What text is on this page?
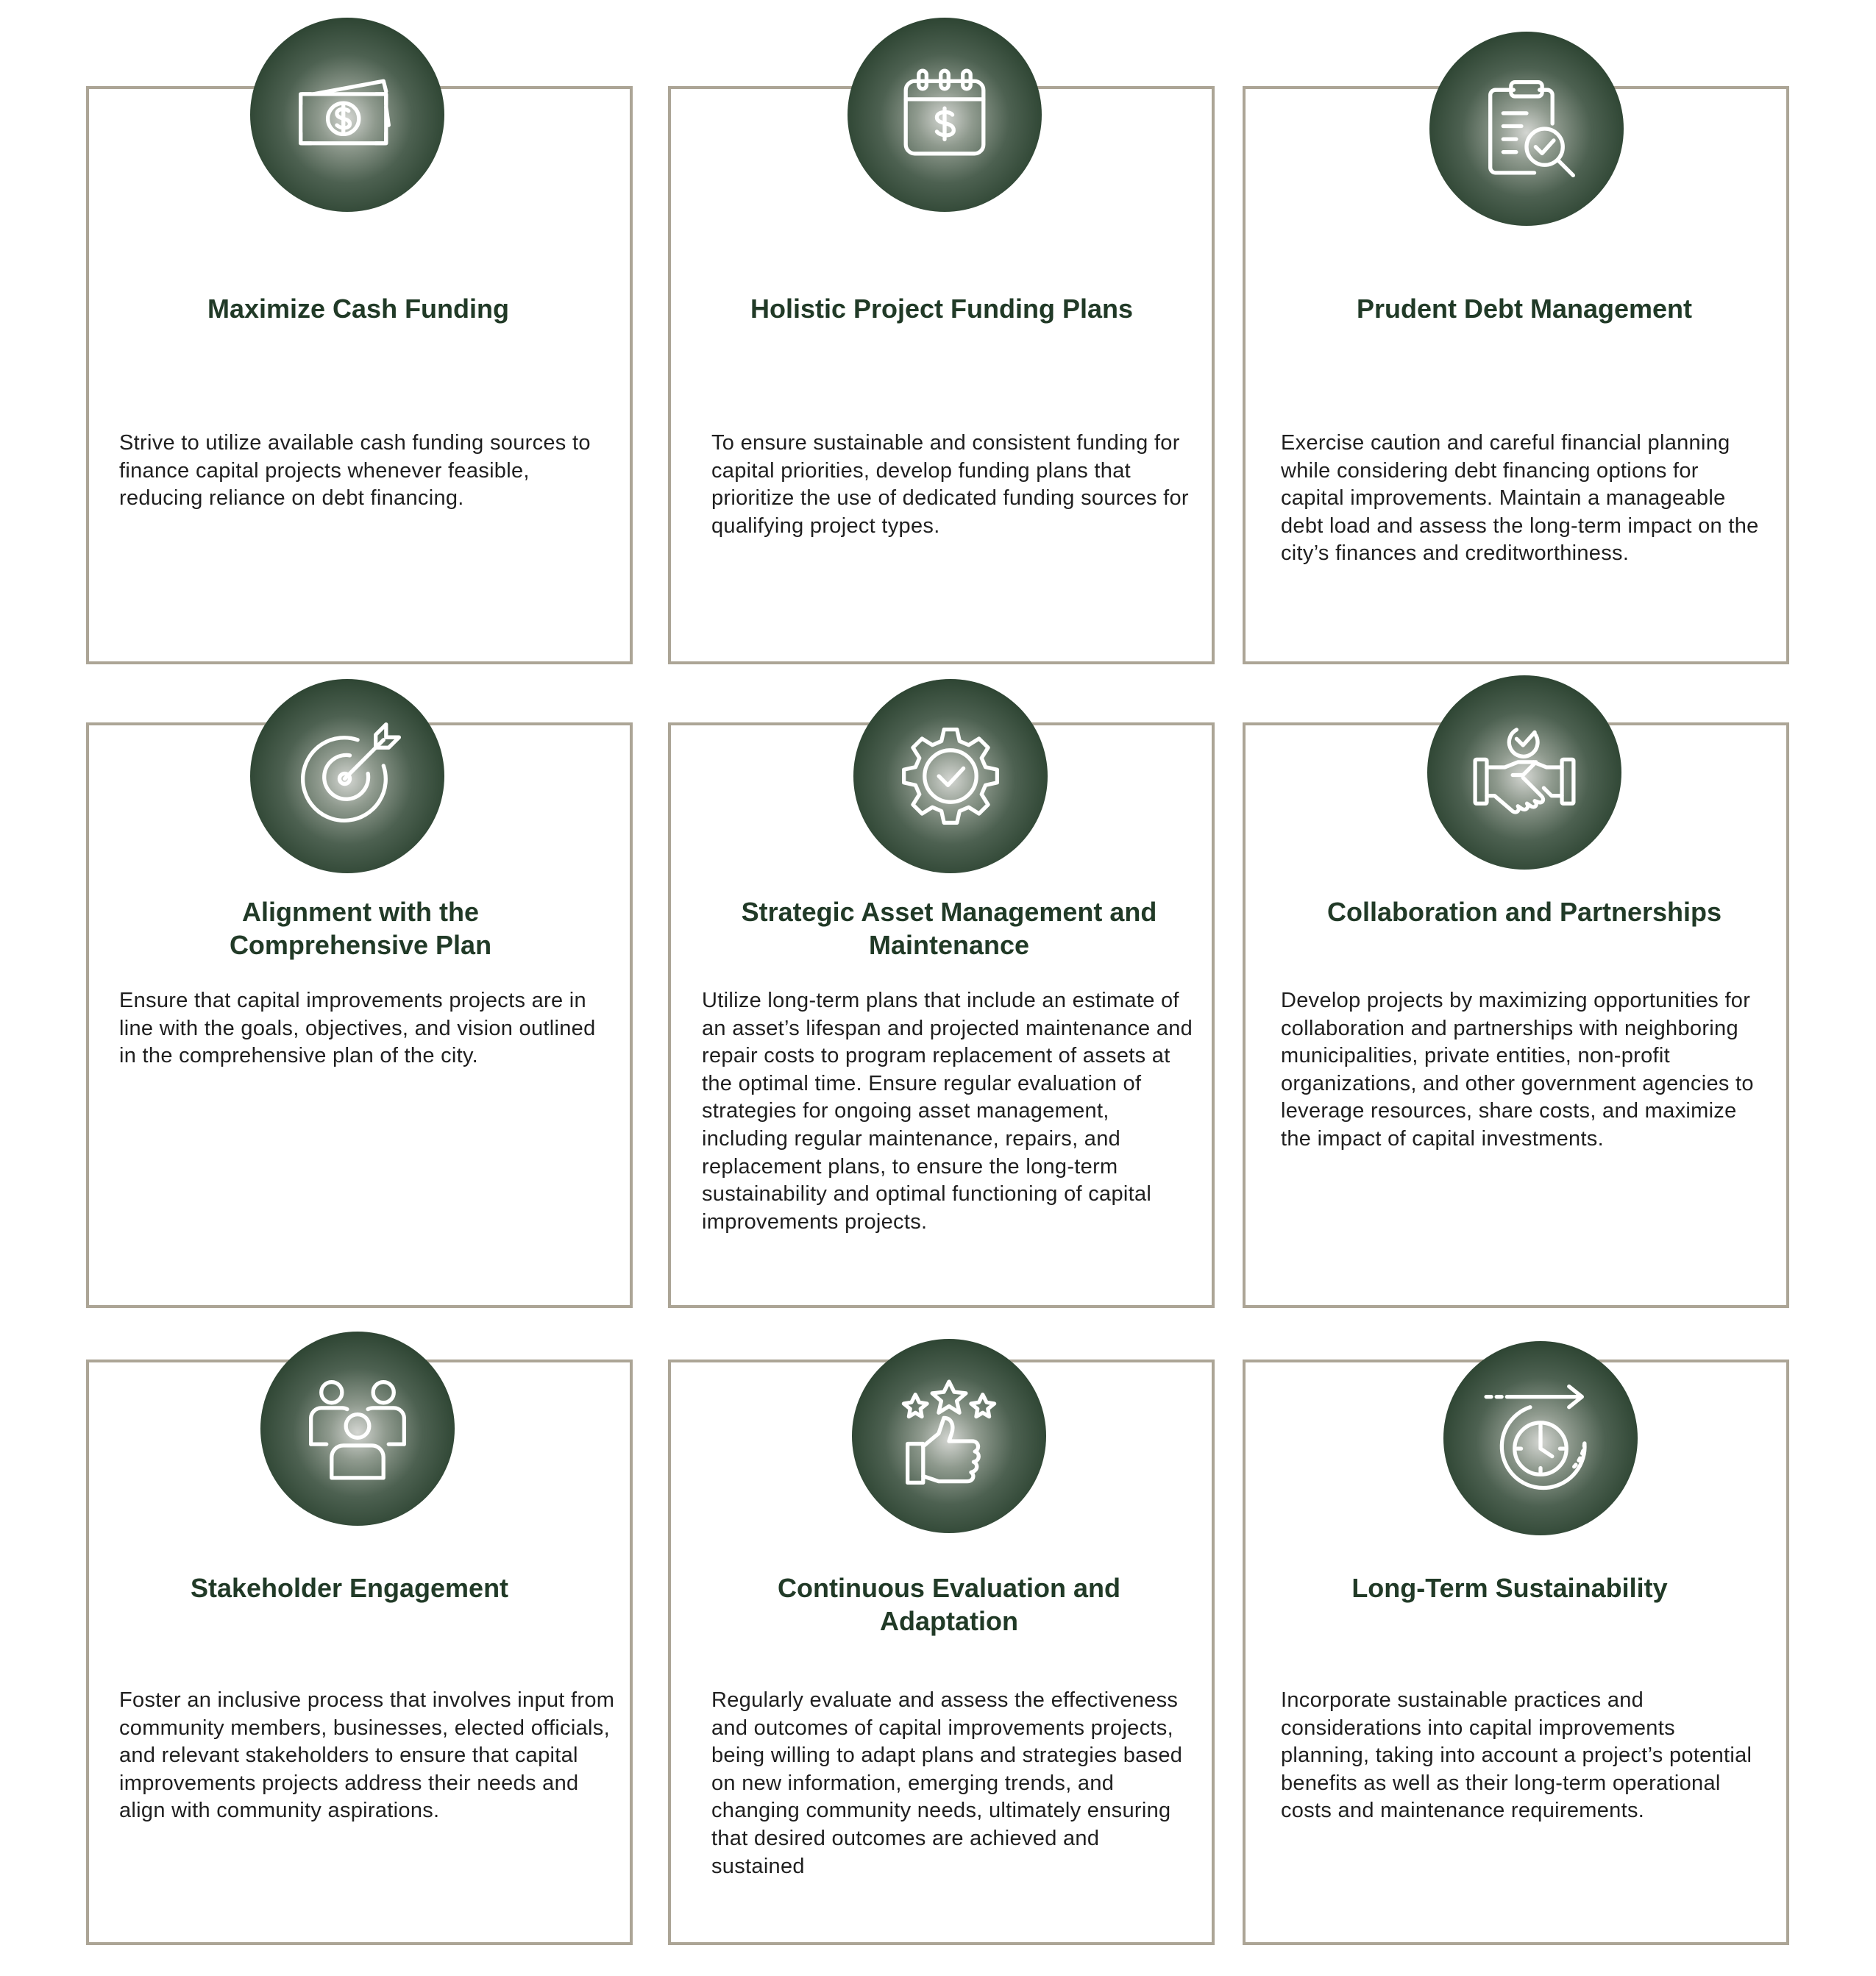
Maximize Cash Funding	Holistic Project Funding Plans	Prudent Debt Management

Alignment with the Comprehensive Plan

Strategic Asset Management and Maintenance

Collaboration and Partnerships

Stakeholder Engagement	Continuous Evaluation and Adaptation

Long-Term Sustainability

Strive to utilize available cash funding sources to finance capital projects whenever feasible, reducing reliance on debt financing.

To ensure sustainable and consistent funding for capital priorities, develop funding plans that prioritize the use of dedicated funding sources for qualifying project types.

Exercise caution and careful financial planning while considering debt financing options for capital improvements. Maintain a manageable debt load and assess the long-term impact on the city’s finances and creditworthiness.

Ensure that capital improvements projects are in line with the goals, objectives, and vision outlined in the comprehensive plan of the city.

Utilize long-term plans that include an estimate of an asset’s lifespan and projected maintenance and repair costs to program replacement of assets at the optimal time. Ensure regular evaluation of strategies for ongoing asset management, including regular maintenance, repairs, and replacement plans, to ensure the long-term sustainability and optimal functioning of capital improvements projects.

Develop projects by maximizing opportunities for collaboration and partnerships with neighboring municipalities, private entities, non-profit organizations, and other government agencies to leverage resources, share costs, and maximize the impact of capital investments.

Foster an inclusive process that involves input from community members, businesses, elected officials, and relevant stakeholders to ensure that capital improvements projects address their needs and align with community aspirations.

Regularly evaluate and assess the effectiveness and outcomes of capital improvements projects, being willing to adapt plans and strategies based on new information, emerging trends, and changing community needs, ultimately ensuring that desired outcomes are achieved and sustained

Incorporate sustainable practices and considerations into capital improvements planning, taking into account a project’s potential benefits as well as their long-term operational costs and maintenance requirements.
